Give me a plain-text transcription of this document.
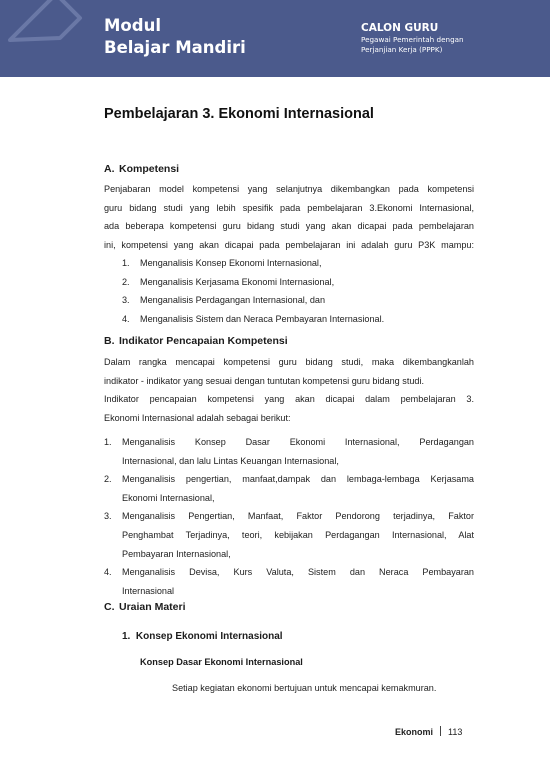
Modul
Belajar Mandiri
CALON GURU
Pegawai Pemerintah dengan
Perjanjian Kerja (PPPK)
Pembelajaran 3. Ekonomi Internasional
A. Kompetensi
Penjabaran model kompetensi yang selanjutnya dikembangkan pada kompetensi
guru bidang studi yang lebih spesifik pada pembelajaran 3.Ekonomi Internasional,
ada beberapa kompetensi guru bidang studi yang akan dicapai pada pembelajaran
ini, kompetensi yang akan dicapai pada pembelajaran ini adalah guru P3K mampu:
1. Menganalisis Konsep Ekonomi Internasional,
2. Menganalisis Kerjasama Ekonomi Internasional,
3. Menganalisis Perdagangan Internasional, dan
4. Menganalisis Sistem dan Neraca Pembayaran Internasional.
B. Indikator Pencapaian Kompetensi
Dalam rangka mencapai kompetensi guru bidang studi, maka dikembangkanlah
indikator - indikator yang sesuai dengan tuntutan kompetensi guru bidang studi.
Indikator pencapaian kompetensi yang akan dicapai dalam pembelajaran 3.
Ekonomi Internasional adalah sebagai berikut:
1. Menganalisis Konsep Dasar Ekonomi Internasional, Perdagangan
Internasional, dan lalu Lintas Keuangan Internasional,
2. Menganalisis pengertian, manfaat,dampak dan lembaga-lembaga Kerjasama
Ekonomi Internasional,
3. Menganalisis Pengertian, Manfaat, Faktor Pendorong terjadinya, Faktor
Penghambat Terjadinya, teori, kebijakan Perdagangan Internasional, Alat
Pembayaran Internasional,
4. Menganalisis Devisa, Kurs Valuta, Sistem dan Neraca Pembayaran
Internasional
C. Uraian Materi
1.  Konsep Ekonomi Internasional
Konsep Dasar Ekonomi Internasional
Setiap kegiatan ekonomi bertujuan untuk mencapai kemakmuran.
Ekonomi 113
